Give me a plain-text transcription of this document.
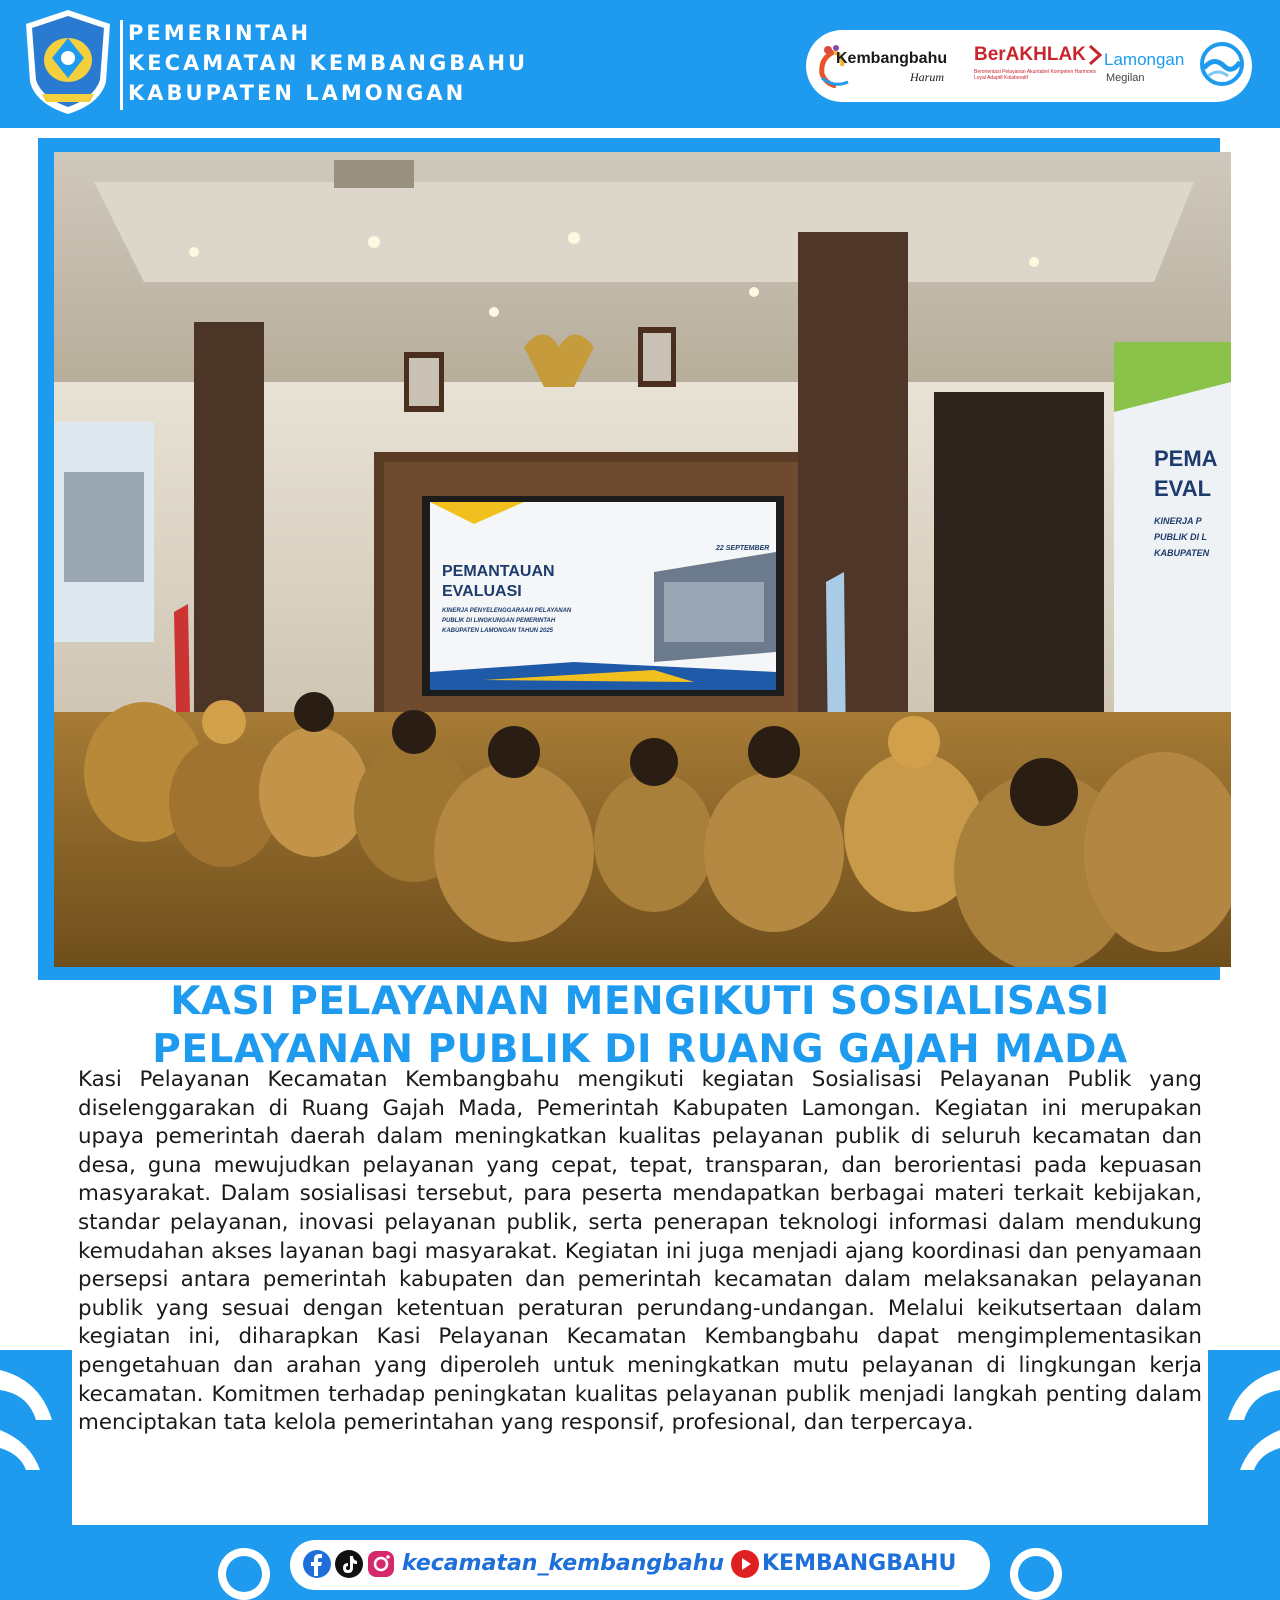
PEMERINTAH
KECAMATAN KEMBANGBAHU
KABUPATEN LAMONGAN
Kembangbahu
Harum
BerAKHLAK
Berorientasi Pelayanan Akuntabel Kompeten Harmonis Loyal Adaptif Kolaboratif
Lamongan
Megilan
PEMANTAUAN
EVALUASI
22 SEPTEMBER
KINERJA PENYELENGGARAAN PELAYANAN
PUBLIK DI LINGKUNGAN PEMERINTAH
KABUPATEN LAMONGAN TAHUN 2025
PEMA
EVAL
KINERJA P
PUBLIK DI L
KABUPATEN
KASI PELAYANAN MENGIKUTI SOSIALISASI
PELAYANAN PUBLIK DI RUANG GAJAH MADA
Kasi Pelayanan Kecamatan Kembangbahu mengikuti kegiatan Sosialisasi Pelayanan Publik yang diselenggarakan di Ruang Gajah Mada, Pemerintah Kabupaten Lamongan. Kegiatan ini merupakan upaya pemerintah daerah dalam meningkatkan kualitas pelayanan publik di seluruh kecamatan dan desa, guna mewujudkan pelayanan yang cepat, tepat, transparan, dan berorientasi pada kepuasan masyarakat. Dalam sosialisasi tersebut, para peserta mendapatkan berbagai materi terkait kebijakan, standar pelayanan, inovasi pelayanan publik, serta penerapan teknologi informasi dalam mendukung kemudahan akses layanan bagi masyarakat. Kegiatan ini juga menjadi ajang koordinasi dan penyamaan persepsi antara pemerintah kabupaten dan pemerintah kecamatan dalam melaksanakan pelayanan publik yang sesuai dengan ketentuan peraturan perundang-undangan. Melalui keikutsertaan dalam kegiatan ini, diharapkan Kasi Pelayanan Kecamatan Kembangbahu dapat mengimplementasikan pengetahuan dan arahan yang diperoleh untuk meningkatkan mutu pelayanan di lingkungan kerja kecamatan. Komitmen terhadap peningkatan kualitas pelayanan publik menjadi langkah penting dalam menciptakan tata kelola pemerintahan yang responsif, profesional, dan terpercaya.
kecamatan_kembangbahu KEMBANGBAHU
